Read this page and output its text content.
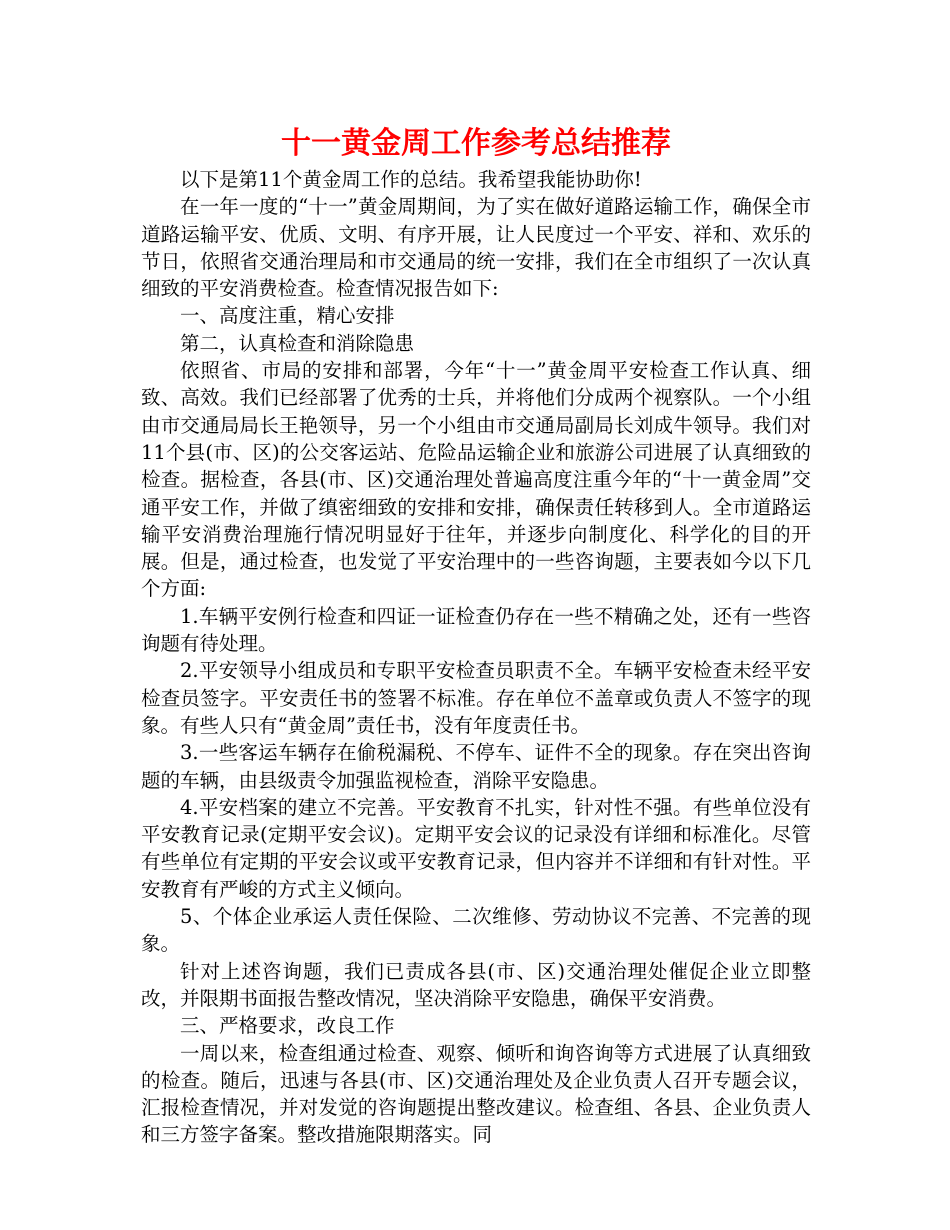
十一黄金周工作参考总结推荐

以下是第11个黄金周工作的总结。我希望我能协助你!

在一年一度的“十一”黄金周期间，为了实在做好道路运输工作，确保全市道路运输平安、优质、文明、有序开展，让人民度过一个平安、祥和、欢乐的节日，依照省交通治理局和市交通局的统一安排，我们在全市组织了一次认真细致的平安消费检查。检查情况报告如下:

一、高度注重，精心安排

第二，认真检查和消除隐患

依照省、市局的安排和部署，今年“十一”黄金周平安检查工作认真、细致、高效。我们已经部署了优秀的士兵，并将他们分成两个视察队。一个小组由市交通局局长王艳领导，另一个小组由市交通局副局长刘成牛领导。我们对11个县(市、区)的公交客运站、危险品运输企业和旅游公司进展了认真细致的检查。据检查，各县(市、区)交通治理处普遍高度注重今年的“十一黄金周”交通平安工作，并做了缜密细致的安排和安排，确保责任转移到人。全市道路运输平安消费治理施行情况明显好于往年，并逐步向制度化、科学化的目的开展。但是，通过检查，也发觉了平安治理中的一些咨询题，主要表如今以下几个方面:

1.车辆平安例行检查和四证一证检查仍存在一些不精确之处，还有一些咨询题有待处理。

2.平安领导小组成员和专职平安检查员职责不全。车辆平安检查未经平安检查员签字。平安责任书的签署不标准。存在单位不盖章或负责人不签字的现象。有些人只有“黄金周”责任书，没有年度责任书。

3.一些客运车辆存在偷税漏税、不停车、证件不全的现象。存在突出咨询题的车辆，由县级责令加强监视检查，消除平安隐患。

4.平安档案的建立不完善。平安教育不扎实，针对性不强。有些单位没有平安教育记录(定期平安会议)。定期平安会议的记录没有详细和标准化。尽管有些单位有定期的平安会议或平安教育记录，但内容并不详细和有针对性。平安教育有严峻的方式主义倾向。

5、个体企业承运人责任保险、二次维修、劳动协议不完善、不完善的现象。

针对上述咨询题，我们已责成各县(市、区)交通治理处催促企业立即整改，并限期书面报告整改情况，坚决消除平安隐患，确保平安消费。

三、严格要求，改良工作

一周以来，检查组通过检查、观察、倾听和询咨询等方式进展了认真细致的检查。随后，迅速与各县(市、区)交通治理处及企业负责人召开专题会议，汇报检查情况，并对发觉的咨询题提出整改建议。检查组、各县、企业负责人和三方签字备案。整改措施限期落实。同
